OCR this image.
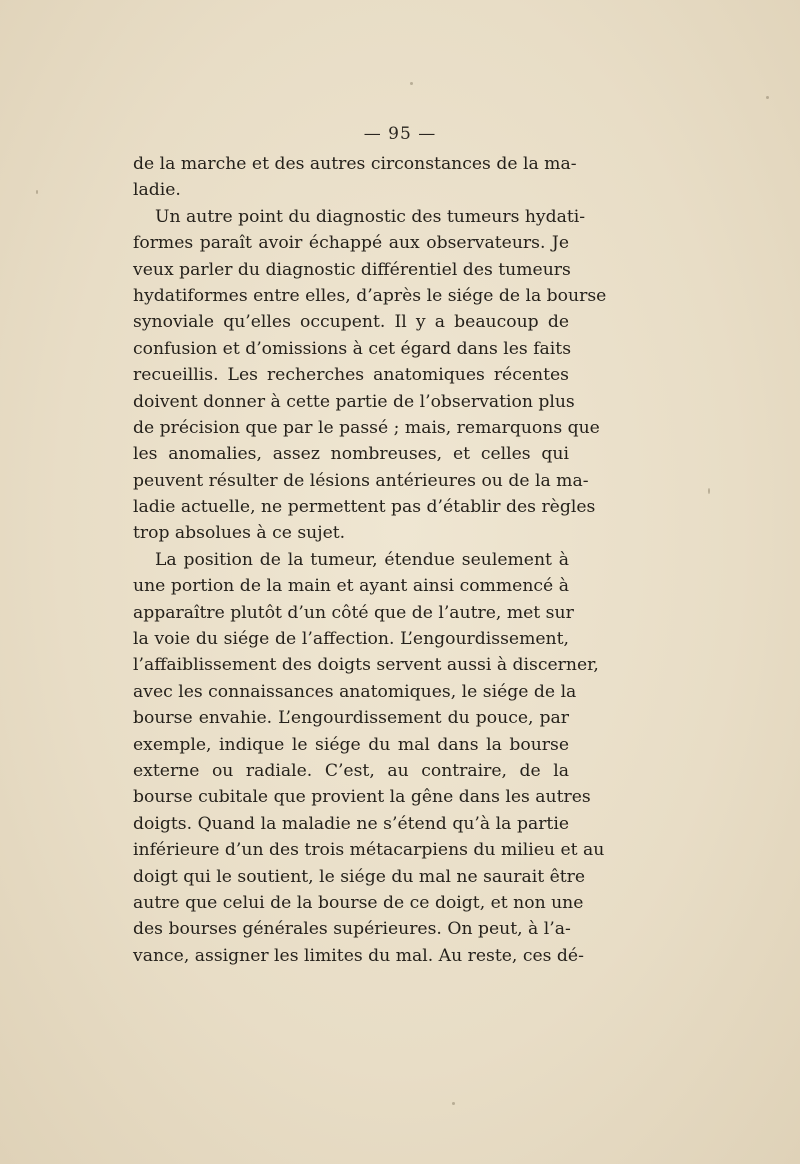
— 95 —
de la marche et des autres circonstances de la ma-
ladie.
Un autre point du diagnostic des tumeurs hydati-
formes paraît avoir échappé aux observateurs. Je
veux parler du diagnostic différentiel des tumeurs
hydatiformes entre elles, d’après le siége de la bourse
synoviale qu’elles occupent. Il y a beaucoup de
confusion et d’omissions à cet égard dans les faits
recueillis. Les recherches anatomiques récentes
doivent donner à cette partie de l’observation plus
de précision que par le passé ; mais, remarquons que
les anomalies, assez nombreuses, et celles qui
peuvent résulter de lésions antérieures ou de la ma-
ladie actuelle, ne permettent pas d’établir des règles
trop absolues à ce sujet.
La position de la tumeur, étendue seulement à
une portion de la main et ayant ainsi commencé à
apparaître plutôt d’un côté que de l’autre, met sur
la voie du siége de l’affection. L’engourdissement,
l’affaiblissement des doigts servent aussi à discerner,
avec les connaissances anatomiques, le siége de la
bourse envahie. L’engourdissement du pouce, par
exemple, indique le siége du mal dans la bourse
externe ou radiale. C’est, au contraire, de la
bourse cubitale que provient la gêne dans les autres
doigts. Quand la maladie ne s’étend qu’à la partie
inférieure d’un des trois métacarpiens du milieu et au
doigt qui le soutient, le siége du mal ne saurait être
autre que celui de la bourse de ce doigt, et non une
des bourses générales supérieures. On peut, à l’a-
vance, assigner les limites du mal. Au reste, ces dé-
